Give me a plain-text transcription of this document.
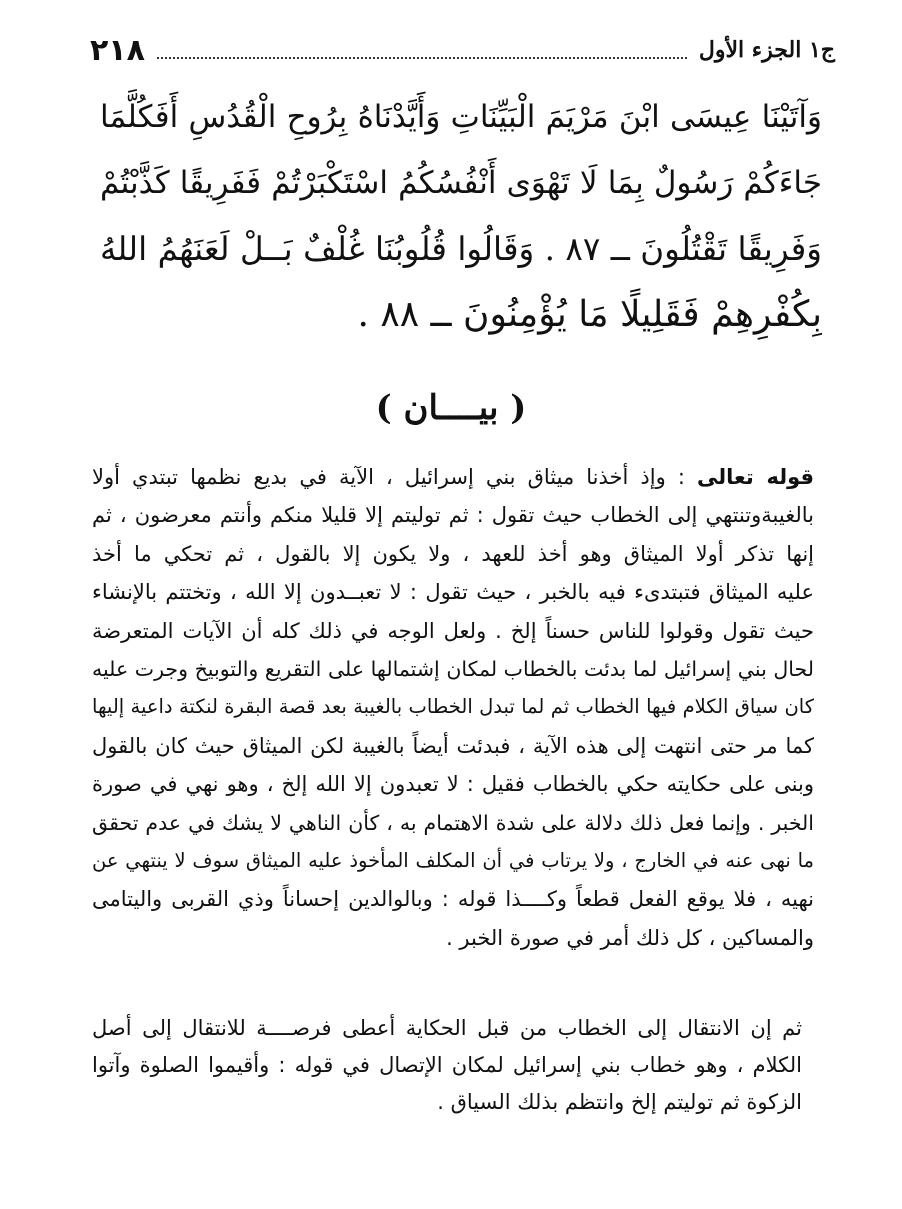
٢١٨	ج١ الجزء الأول
وَآتَيْنَا عِيسَى ابْنَ مَرْيَمَ الْبَيِّنَاتِ وَأَيَّدْنَاهُ بِرُوحِ الْقُدُسِ أَفَكُلَّمَا
جَاءَكُمْ رَسُولٌ بِمَا لَا تَهْوَى أَنْفُسُكُمُ اسْتَكْبَرْتُمْ فَفَرِيقًا كَذَّبْتُمْ
وَفَرِيقًا تَقْتُلُونَ ــ ٨٧ . وَقَالُوا قُلُوبُنَا غُلْفٌ بَــلْ لَعَنَهُمُ اللهُ
بِكُفْرِهِمْ فَقَلِيلًا مَا يُؤْمِنُونَ ــ ٨٨ .
( بيــــان )
قوله تعالى : وإذ أخذنا ميثاق بني إسرائيل ، الآية في بديع نظمها تبتدي أولا
بالغيبةوتنتهي إلى الخطاب حيث تقول : ثم توليتم إلا قليلا منكم وأنتم معرضون ، ثم
إنها تذكر أولا الميثاق وهو أخذ للعهد ، ولا يكون إلا بالقول ، ثم تحكي ما أخذ
عليه الميثاق فتبتدىء فيه بالخبر ، حيث تقول : لا تعبــدون إلا الله ، وتختتم بالإنشاء
حيث تقول وقولوا للناس حسناً إلخ . ولعل الوجه في ذلك كله أن الآيات المتعرضة
لحال بني إسرائيل لما بدئت بالخطاب لمكان إشتمالها على التقريع والتوبيخ وجرت عليه
كان سياق الكلام فيها الخطاب ثم لما تبدل الخطاب بالغيبة بعد قصة البقرة لنكتة داعية إليها
كما مر حتى انتهت إلى هذه الآية ، فبدئت أيضاً بالغيبة لكن الميثاق حيث كان بالقول
وبنى على حكايته حكي بالخطاب فقيل : لا تعبدون إلا الله إلخ ، وهو نهي في صورة
الخبر . وإنما فعل ذلك دلالة على شدة الاهتمام به ، كأن الناهي لا يشك في عدم تحقق
ما نهى عنه في الخارج ، ولا يرتاب في أن المكلف المأخوذ عليه الميثاق سوف لا ينتهي عن
نهيه ، فلا يوقع الفعل قطعاً وكــــذا قوله : وبالوالدين إحساناً وذي القربى واليتامى
والمساكين ، كل ذلك أمر في صورة الخبر .
ثم إن الانتقال إلى الخطاب من قبل الحكاية أعطى فرصــــة للانتقال إلى أصل
الكلام ، وهو خطاب بني إسرائيل لمكان الإتصال في قوله : وأقيموا الصلوة وآتوا
الزكوة ثم توليتم إلخ وانتظم بذلك السياق .
